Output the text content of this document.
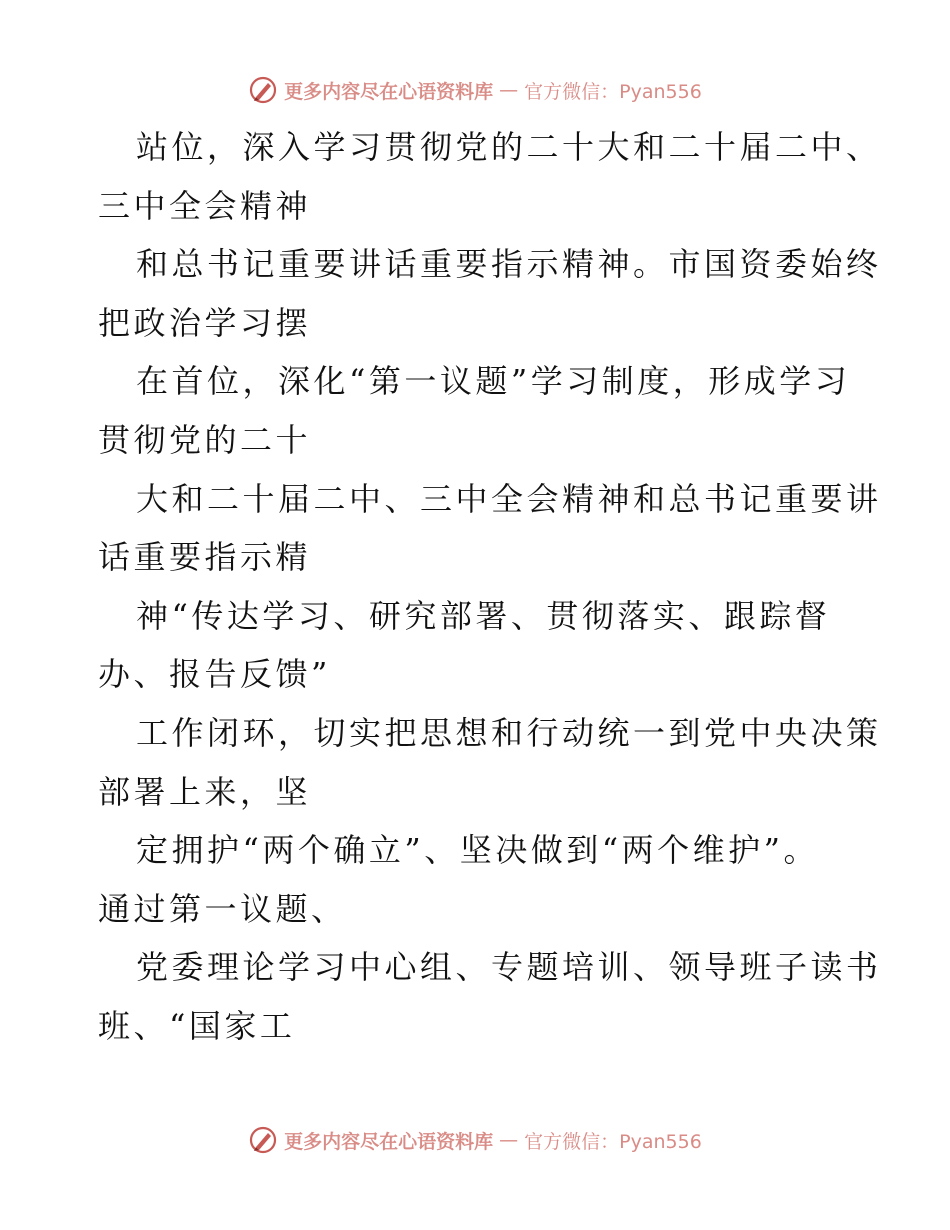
更多内容尽在心语资料库 — 官方微信：Pyan556
站位，深入学习贯彻党的二十大和二十届二中、
三中全会精神
和总书记重要讲话重要指示精神。市国资委始终
把政治学习摆
在首位，深化“第一议题”学习制度，形成学习
贯彻党的二十
大和二十届二中、三中全会精神和总书记重要讲
话重要指示精
神“传达学习、研究部署、贯彻落实、跟踪督
办、报告反馈”
工作闭环，切实把思想和行动统一到党中央决策
部署上来，坚
定拥护“两个确立”、坚决做到“两个维护”。
通过第一议题、
党委理论学习中心组、专题培训、领导班子读书
班、“国家工
更多内容尽在心语资料库 — 官方微信：Pyan556
